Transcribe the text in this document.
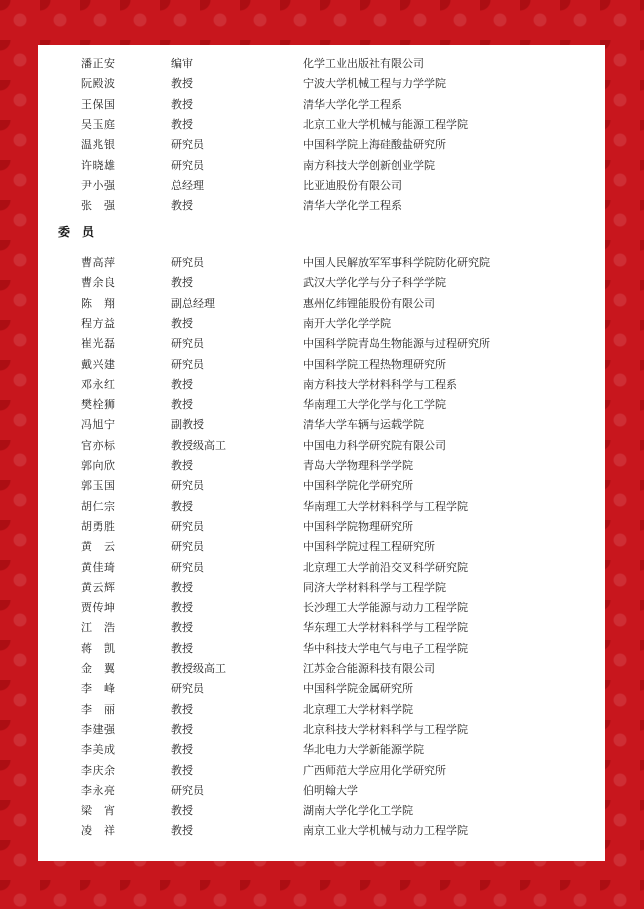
潘正安	编审	化学工业出版社有限公司
阮殿波	教授	宁波大学机械工程与力学学院
王保国	教授	清华大学化学工程系
吴玉庭	教授	北京工业大学机械与能源工程学院
温兆银	研究员	中国科学院上海硅酸盐研究所
许晓雄	研究员	南方科技大学创新创业学院
尹小强	总经理	比亚迪股份有限公司
张　强	教授	清华大学化学工程系
委员
曹高萍	研究员	中国人民解放军军事科学院防化研究院
曹余良	教授	武汉大学化学与分子科学学院
陈　翔	副总经理	惠州亿纬锂能股份有限公司
程方益	教授	南开大学化学学院
崔光磊	研究员	中国科学院青岛生物能源与过程研究所
戴兴建	研究员	中国科学院工程热物理研究所
邓永红	教授	南方科技大学材料科学与工程系
樊栓狮	教授	华南理工大学化学与化工学院
冯旭宁	副教授	清华大学车辆与运载学院
官亦标	教授级高工	中国电力科学研究院有限公司
郭向欣	教授	青岛大学物理科学学院
郭玉国	研究员	中国科学院化学研究所
胡仁宗	教授	华南理工大学材料科学与工程学院
胡勇胜	研究员	中国科学院物理研究所
黄　云	研究员	中国科学院过程工程研究所
黄佳琦	研究员	北京理工大学前沿交叉科学研究院
黄云辉	教授	同济大学材料科学与工程学院
贾传坤	教授	长沙理工大学能源与动力工程学院
江　浩	教授	华东理工大学材料科学与工程学院
蒋　凯	教授	华中科技大学电气与电子工程学院
金　翼	教授级高工	江苏金合能源科技有限公司
李　峰	研究员	中国科学院金属研究所
李　丽	教授	北京理工大学材料学院
李建强	教授	北京科技大学材料科学与工程学院
李美成	教授	华北电力大学新能源学院
李庆余	教授	广西师范大学应用化学研究所
李永亮	研究员	伯明翰大学
梁　宵	教授	湖南大学化学化工学院
凌　祥	教授	南京工业大学机械与动力工程学院
